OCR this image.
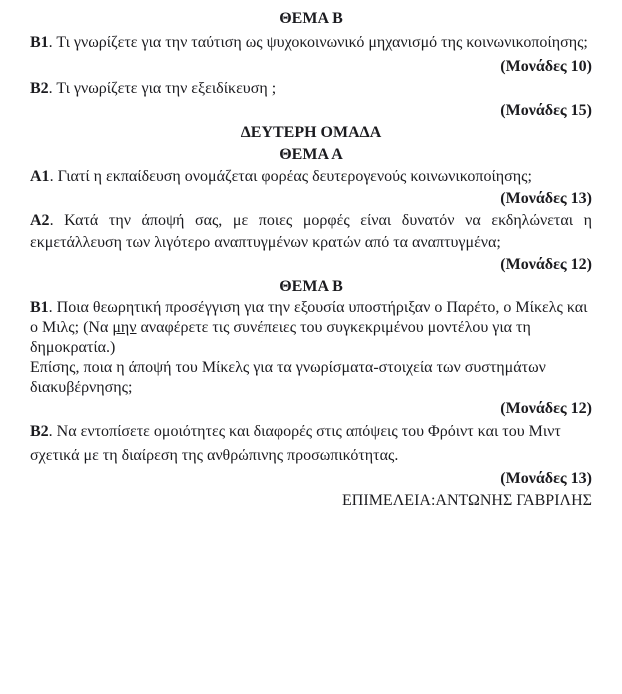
ΘΕΜΑ Β
Β1. Τι γνωρίζετε για την ταύτιση ως ψυχοκοινωνικό μηχανισμό της κοινωνικοποίησης;
(Μονάδες 10)
Β2. Τι γνωρίζετε για την εξειδίκευση ;
(Μονάδες 15)
ΔΕΥΤΕΡΗ ΟΜΑΔΑ
ΘΕΜΑ Α
Α1. Γιατί η εκπαίδευση ονομάζεται φορέας δευτερογενούς κοινωνικοποίησης;
(Μονάδες 13)
Α2. Κατά την άποψή σας, με ποιες μορφές είναι δυνατόν να εκδηλώνεται η εκμετάλλευση των λιγότερο αναπτυγμένων κρατών από τα αναπτυγμένα;
(Μονάδες 12)
ΘΕΜΑ Β
Β1. Ποια θεωρητική προσέγγιση για την εξουσία υποστήριξαν ο Παρέτο, ο Μίκελς και ο Μιλς; (Να μην αναφέρετε τις συνέπειες του συγκεκριμένου μοντέλου για τη δημοκρατία.)
Επίσης, ποια η άποψή του Μίκελς για τα γνωρίσματα-στοιχεία των συστημάτων διακυβέρνησης;
(Μονάδες 12)
Β2. Να εντοπίσετε ομοιότητες και διαφορές στις απόψεις του Φρόιντ και του Μιντ σχετικά με τη διαίρεση της ανθρώπινης προσωπικότητας.
(Μονάδες 13)
ΕΠΙΜΕΛΕΙΑ:ΑΝΤΩΝΗΣ ΓΑΒΡΙΛΗΣ
